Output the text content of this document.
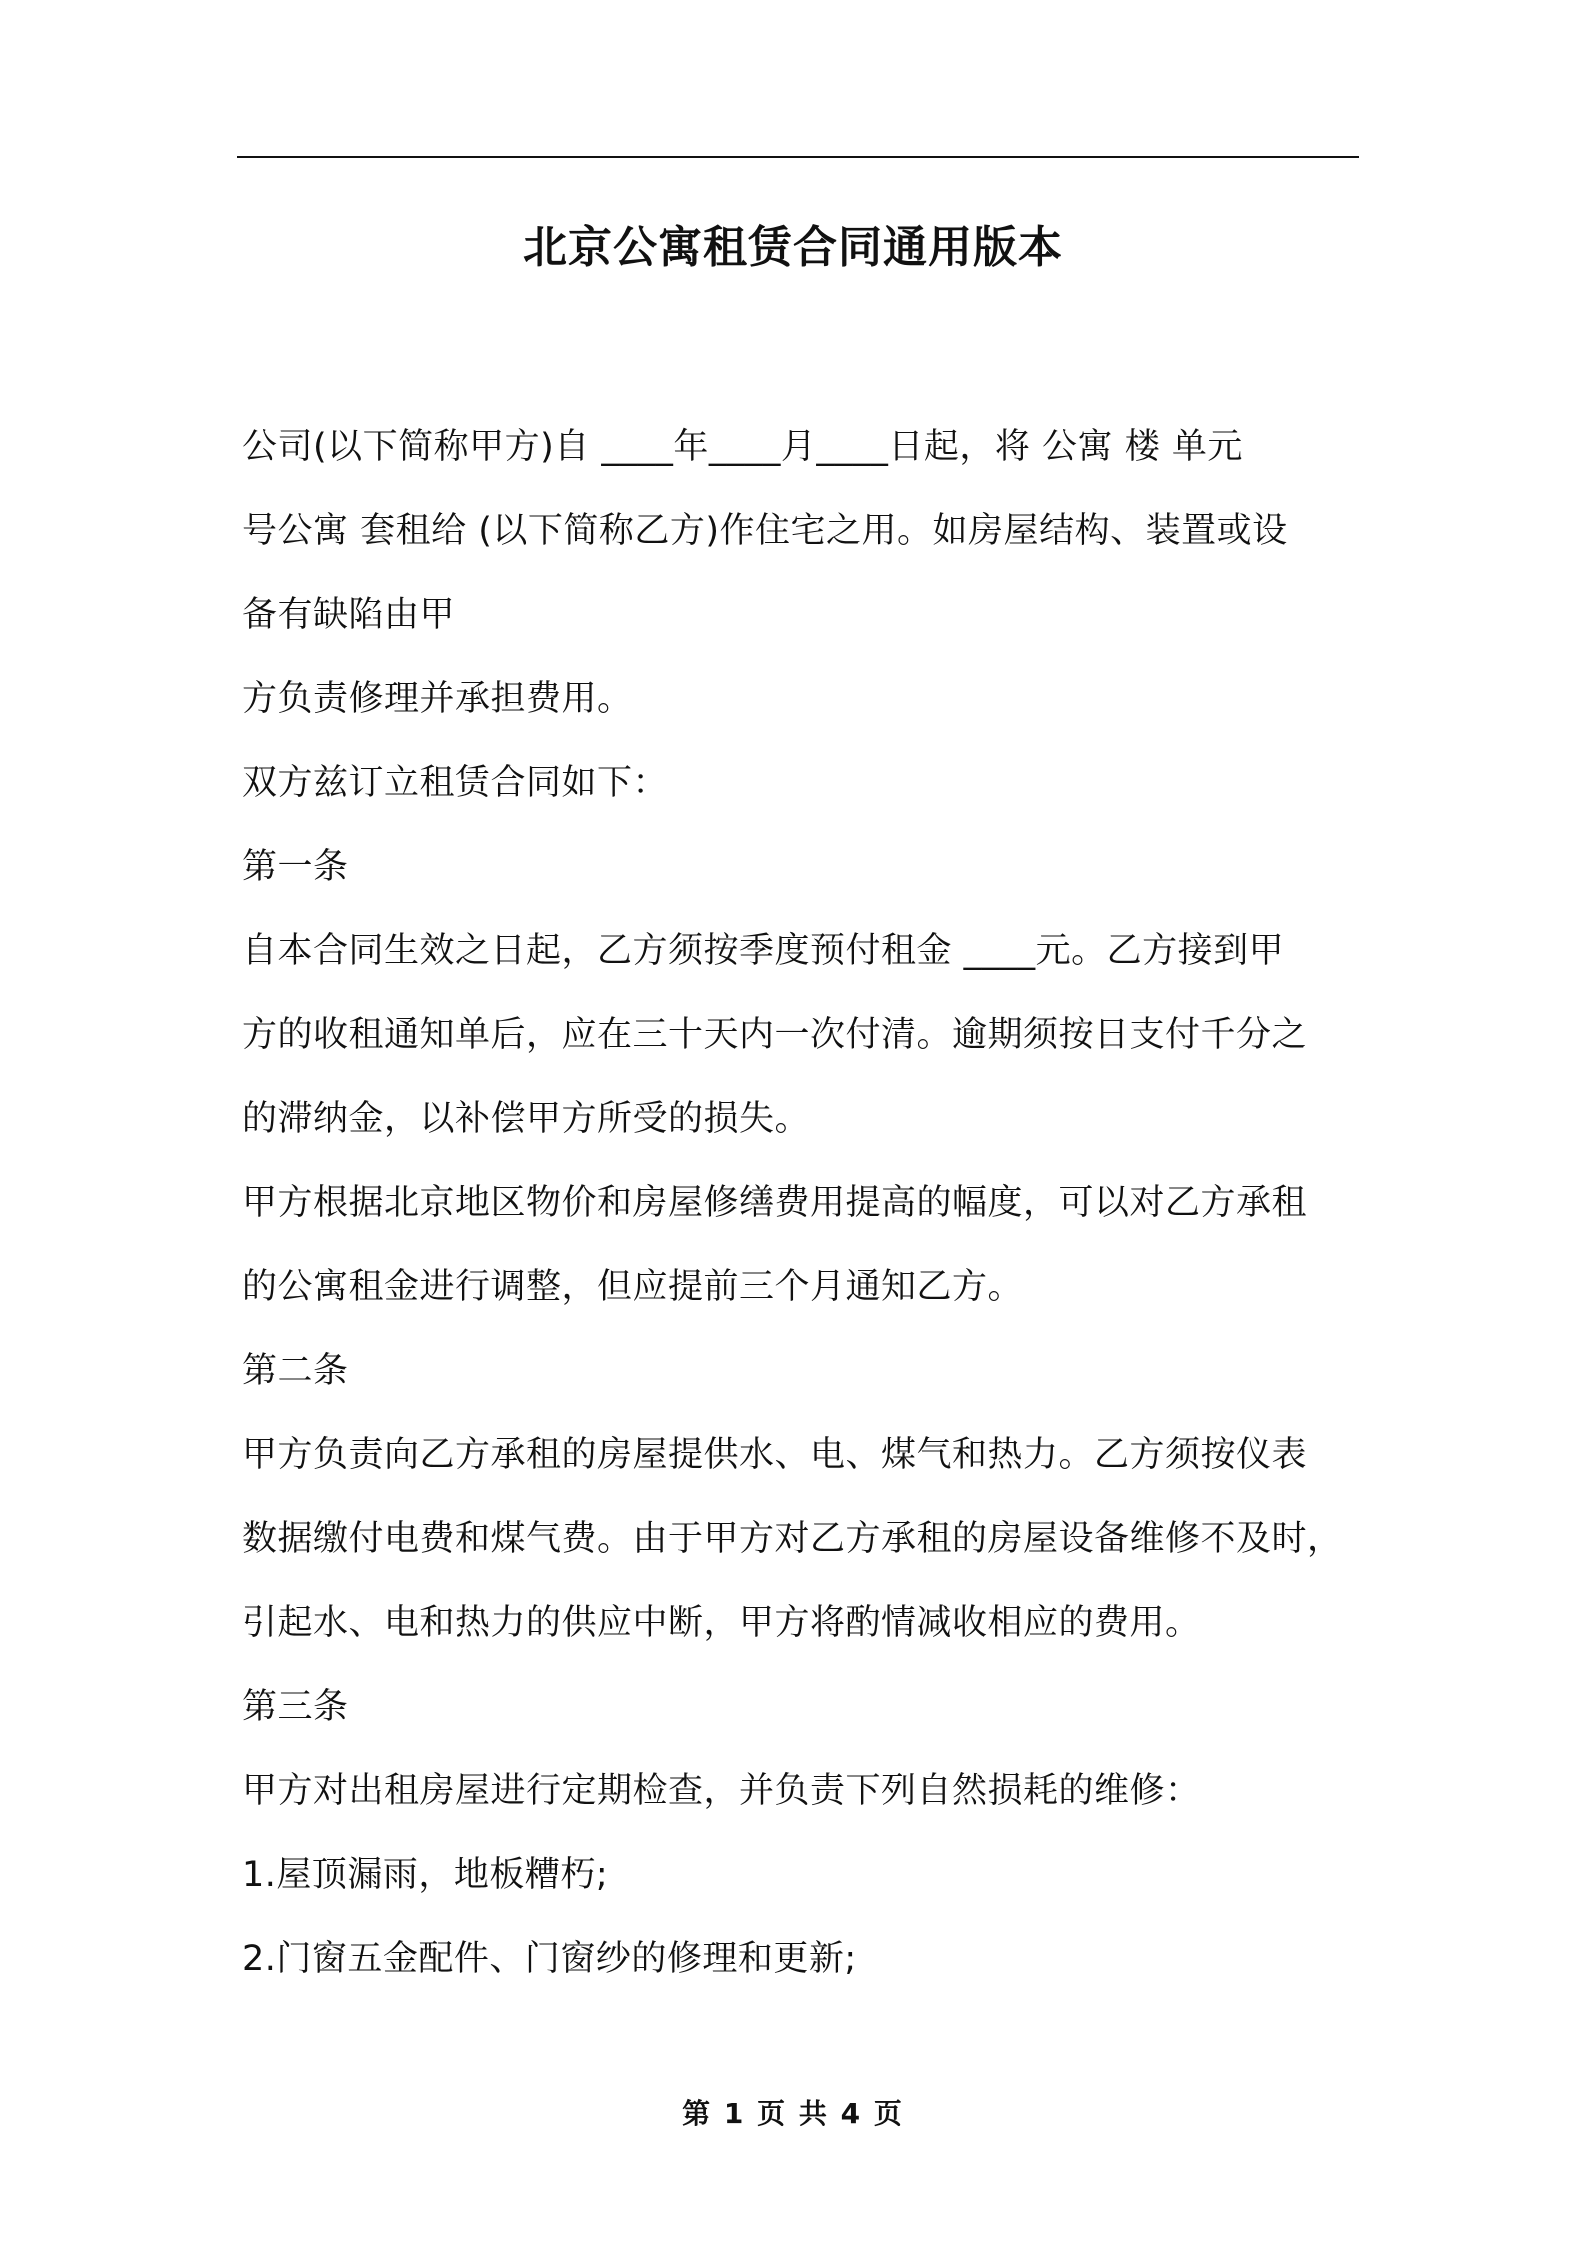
北京公寓租赁合同通用版本
公司(以下简称甲方)自 ____年____月____日起，将 公寓 楼 单元
号公寓 套租给 (以下简称乙方)作住宅之用。如房屋结构、装置或设
备有缺陷由甲
方负责修理并承担费用。
双方兹订立租赁合同如下：
第一条
自本合同生效之日起，乙方须按季度预付租金 ____元。乙方接到甲
方的收租通知单后，应在三十天内一次付清。逾期须按日支付千分之
的滞纳金，以补偿甲方所受的损失。
甲方根据北京地区物价和房屋修缮费用提高的幅度，可以对乙方承租
的公寓租金进行调整，但应提前三个月通知乙方。
第二条
甲方负责向乙方承租的房屋提供水、电、煤气和热力。乙方须按仪表
数据缴付电费和煤气费。由于甲方对乙方承租的房屋设备维修不及时，
引起水、电和热力的供应中断，甲方将酌情减收相应的费用。
第三条
甲方对出租房屋进行定期检查，并负责下列自然损耗的维修：
1.屋顶漏雨，地板糟朽;
2.门窗五金配件、门窗纱的修理和更新;
第 1 页 共 4 页
